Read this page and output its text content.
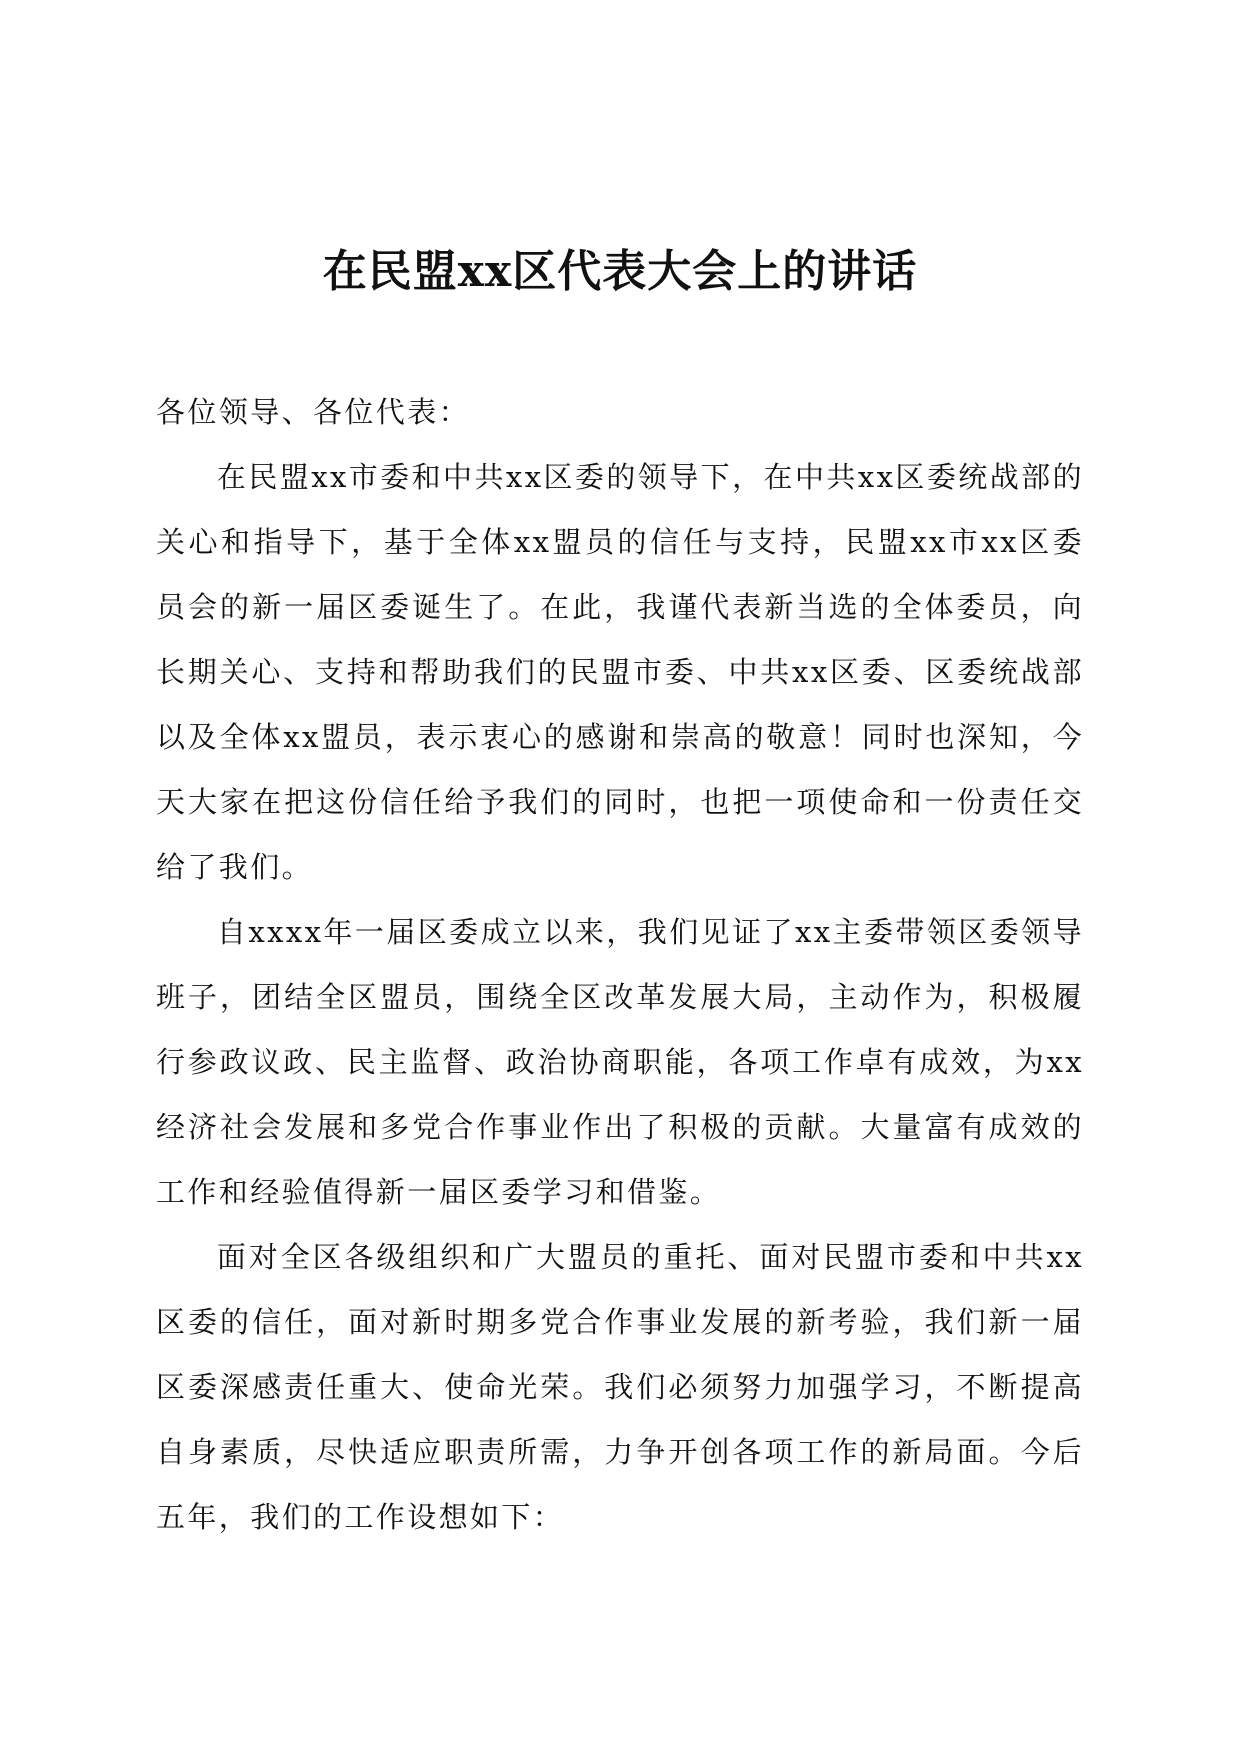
在民盟xx区代表大会上的讲话

各位领导、各位代表：

在民盟xx市委和中共xx区委的领导下，在中共xx区委统战部的关心和指导下，基于全体xx盟员的信任与支持，民盟xx市xx区委员会的新一届区委诞生了。在此，我谨代表新当选的全体委员，向长期关心、支持和帮助我们的民盟市委、中共xx区委、区委统战部以及全体xx盟员，表示衷心的感谢和崇高的敬意！同时也深知，今天大家在把这份信任给予我们的同时，也把一项使命和一份责任交给了我们。

自xxxx年一届区委成立以来，我们见证了xx主委带领区委领导班子，团结全区盟员，围绕全区改革发展大局，主动作为，积极履行参政议政、民主监督、政治协商职能，各项工作卓有成效，为xx经济社会发展和多党合作事业作出了积极的贡献。大量富有成效的工作和经验值得新一届区委学习和借鉴。

面对全区各级组织和广大盟员的重托、面对民盟市委和中共xx区委的信任，面对新时期多党合作事业发展的新考验，我们新一届区委深感责任重大、使命光荣。我们必须努力加强学习，不断提高自身素质，尽快适应职责所需，力争开创各项工作的新局面。今后五年，我们的工作设想如下：
